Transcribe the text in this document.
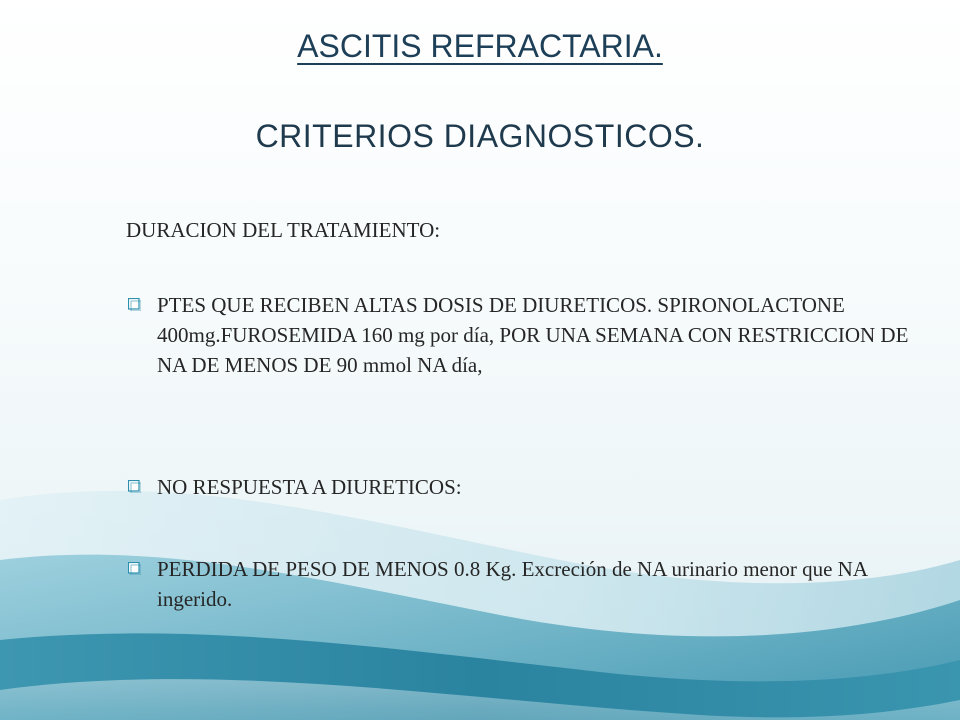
ASCITIS REFRACTARIA.
CRITERIOS DIAGNOSTICOS.
DURACION DEL TRATAMIENTO:
PTES QUE RECIBEN ALTAS DOSIS DE DIURETICOS. SPIRONOLACTONE 400mg.FUROSEMIDA 160 mg por día, POR UNA SEMANA CON RESTRICCION DE NA DE MENOS DE 90 mmol NA día,
NO RESPUESTA A DIURETICOS:
PERDIDA DE PESO DE MENOS 0.8 Kg. Excreción de NA urinario menor que NA ingerido.
